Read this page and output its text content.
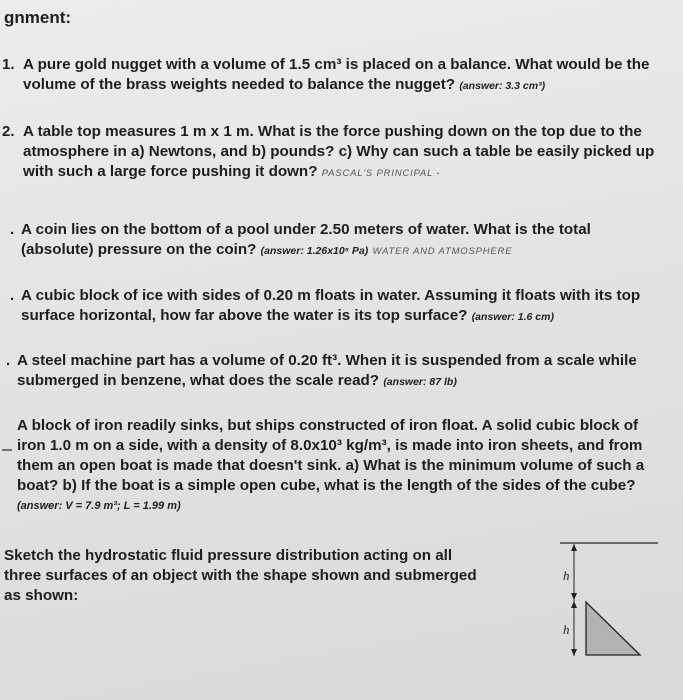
gnment:
1. A pure gold nugget with a volume of 1.5 cm³ is placed on a balance. What would be the
volume of the brass weights needed to balance the nugget? (answer: 3.3 cm³)
2. A table top measures 1 m x 1 m. What is the force pushing down on the top due to the
atmosphere in a) Newtons, and b) pounds? c) Why can such a table be easily picked up
with such a large force pushing it down? PASCAL'S PRINCIPAL -
. A coin lies on the bottom of a pool under 2.50 meters of water. What is the total
(absolute) pressure on the coin? (answer: 1.26x10⁵ Pa) WATER AND ATMOSPHERE
. A cubic block of ice with sides of 0.20 m floats in water. Assuming it floats with its top
surface horizontal, how far above the water is its top surface? (answer: 1.6 cm)
. A steel machine part has a volume of 0.20 ft³. When it is suspended from a scale while
submerged in benzene, what does the scale read? (answer: 87 lb)
A block of iron readily sinks, but ships constructed of iron float. A solid cubic block of
iron 1.0 m on a side, with a density of 8.0x10³ kg/m³, is made into iron sheets, and from
them an open boat is made that doesn't sink. a) What is the minimum volume of such a
boat? b) If the boat is a simple open cube, what is the length of the sides of the cube?
(answer: V = 7.9 m³; L = 1.99 m)
Sketch the hydrostatic fluid pressure distribution acting on all
three surfaces of an object with the shape shown and submerged
as shown:
h
h
